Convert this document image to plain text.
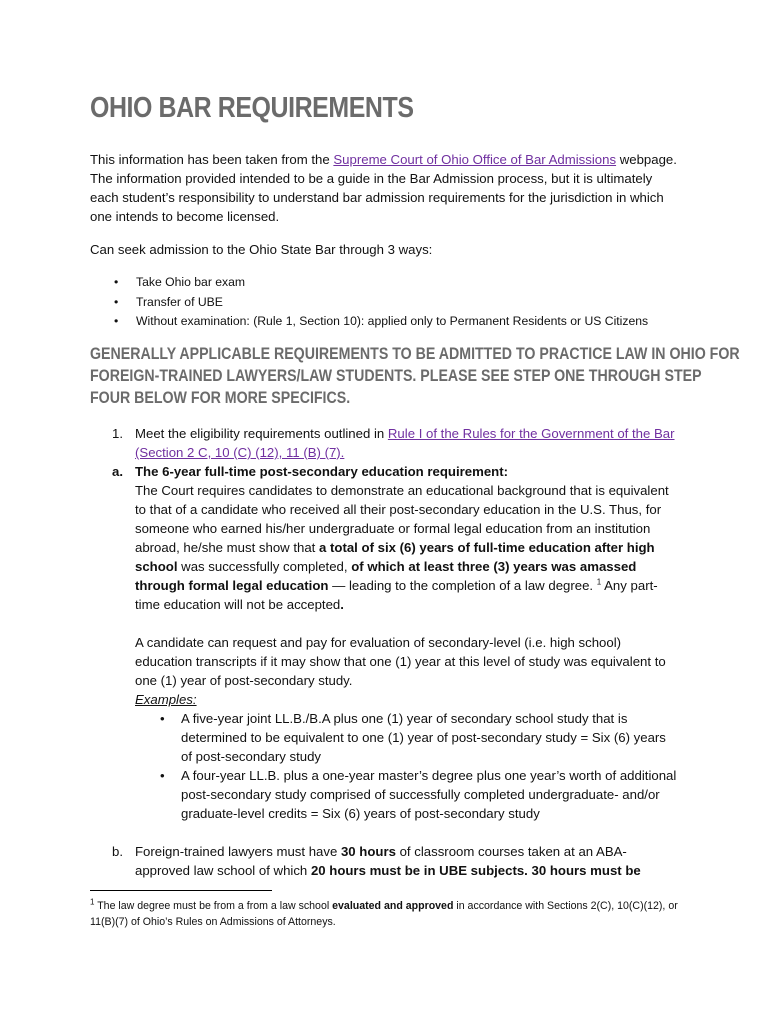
OHIO BAR REQUIREMENTS
This information has been taken from the Supreme Court of Ohio Office of Bar Admissions webpage. The information provided intended to be a guide in the Bar Admission process, but it is ultimately each student’s responsibility to understand bar admission requirements for the jurisdiction in which one intends to become licensed.
Can seek admission to the Ohio State Bar through 3 ways:
• Take Ohio bar exam
• Transfer of UBE
• Without examination: (Rule 1, Section 10): applied only to Permanent Residents or US Citizens
GENERALLY APPLICABLE REQUIREMENTS TO BE ADMITTED TO PRACTICE LAW IN OHIO FOR
FOREIGN-TRAINED LAWYERS/LAW STUDENTS. PLEASE SEE STEP ONE THROUGH STEP
FOUR BELOW FOR MORE SPECIFICS.
1. Meet the eligibility requirements outlined in Rule I of the Rules for the Government of the Bar (Section 2 C, 10 (C) (12), 11 (B) (7).
a. The 6-year full-time post-secondary education requirement:
The Court requires candidates to demonstrate an educational background that is equivalent to that of a candidate who received all their post-secondary education in the U.S. Thus, for someone who earned his/her undergraduate or formal legal education from an institution abroad, he/she must show that a total of six (6) years of full-time education after high school was successfully completed, of which at least three (3) years was amassed through formal legal education — leading to the completion of a law degree. $^1$ Any part-time education will not be accepted.
A candidate can request and pay for evaluation of secondary-level (i.e. high school) education transcripts if it may show that one (1) year at this level of study was equivalent to one (1) year of post-secondary study.
Examples:
• A five-year joint LL.B./B.A plus one (1) year of secondary school study that is determined to be equivalent to one (1) year of post-secondary study = Six (6) years of post-secondary study
• A four-year LL.B. plus a one-year master’s degree plus one year’s worth of additional post-secondary study comprised of successfully completed undergraduate- and/or graduate-level credits = Six (6) years of post-secondary study
b. Foreign-trained lawyers must have 30 hours of classroom courses taken at an ABA-approved law school of which 20 hours must be in UBE subjects. 30 hours must be
$^1$ The law degree must be from a from a law school evaluated and approved in accordance with Sections 2(C), 10(C)(12), or 11(B)(7) of Ohio’s Rules on Admissions of Attorneys.
